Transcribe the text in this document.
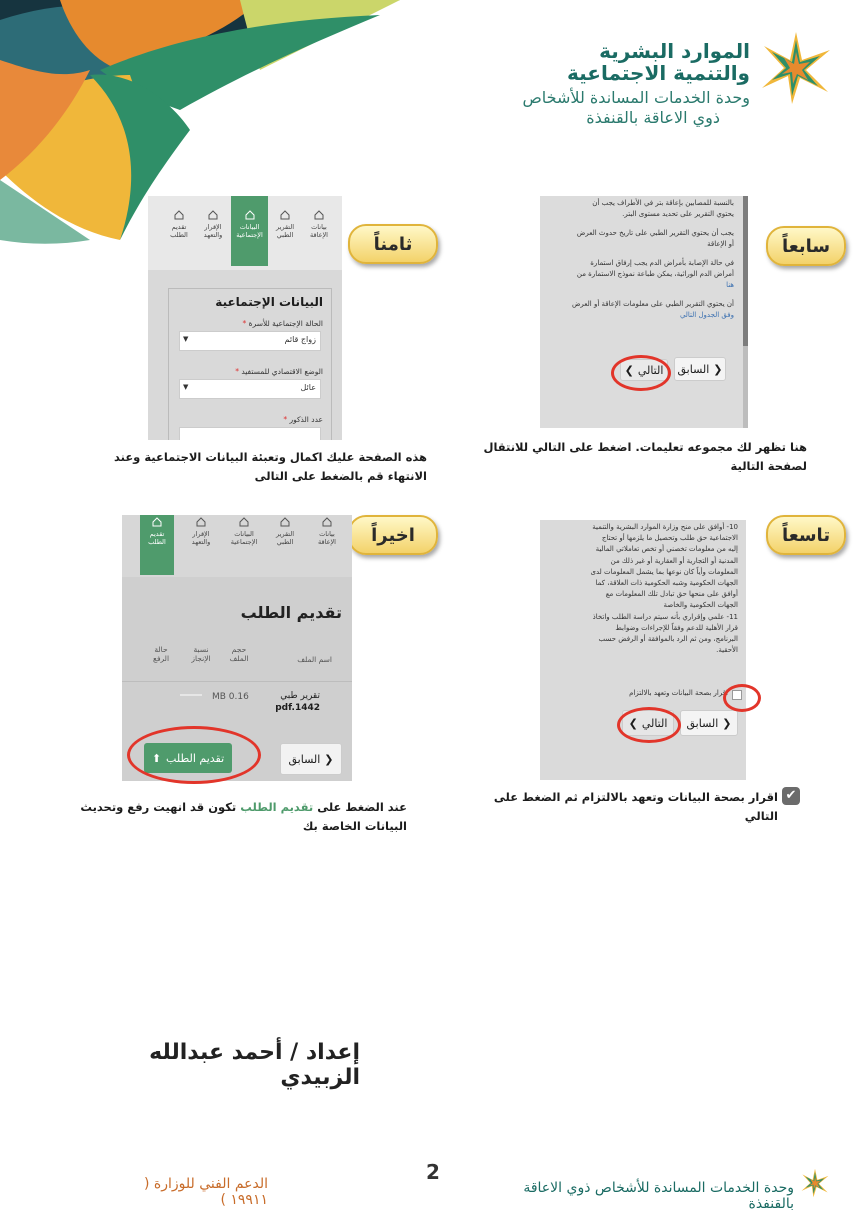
الموارد البشرية
والتنمية الاجتماعية
وحدة الخدمات المساندة للأشخاص
ذوي الاعاقة بالقنفذة
سابعاً
بالنسبة للمصابين بإعاقة بتر في الأطراف يجب أن
يحتوي التقرير على تحديد مستوى البتر.
يجب أن يحتوي التقرير الطبي على تاريخ حدوث العرض
أو الإعاقة
في حالة الإصابة بأمراض الدم يجب إرفاق استمارة
أمراض الدم الوراثية، يمكن طباعة نموذج الاستمارة من
هنا
أن يحتوي التقرير الطبي على معلومات الإعاقة أو العرض
وفق الجدول التالي
❮
السابق
التالي
❯
هنا تظهر لك مجموعه تعليمات. اضغط على التالي للانتقال لصفحة التالية
ثامناً
بيانات الإعاقة
التقرير الطبي
البيانات الإجتماعية
الإقرار والتعهد
تقديم الطلب
البيانات الإجتماعية
الحالة الإجتماعية للأسرة *
زواج قائم
▼
الوضع الاقتصادي للمستفيد *
عائل
▼
عدد الذكور *
هذه الصفحة عليك اكمال وتعبئة البيانات الاجتماعية وعند الانتهاء قم بالضغط على التالى
تاسعاً
10- أوافق على منح وزارة الموارد البشرية والتنمية
الاجتماعية حق طلب وتحصيل ما يلزمها أو تحتاج
إليه من معلومات تخصني أو تخص تعاملاتي المالية
المدنية أو التجارية أو العقارية أو غير ذلك من
المعلومات وأياً كان نوعها بما يشمل المعلومات لدى
الجهات الحكومية وشبه الحكومية ذات العلاقة، كما
أوافق على منحها حق تبادل تلك المعلومات مع
الجهات الحكومية والخاصة
11- علمي وإقراري بأنه سيتم دراسة الطلب واتخاذ
قرار الأهلية للدعم وفقاً للإجراءات وضوابط
البرنامج، ومن ثم الرد بالموافقة أو الرفض حسب
الأحقية.
اقرار بصحة البيانات وتعهد بالالتزام
❮
السابق
التالي
❯
✔
اقرار بصحة البيانات وتعهد بالالتزام ثم الضغط على التالي
اخيراً
بيانات الإعاقة
التقرير الطبي
البيانات الإجتماعية
الإقرار والتعهد
تقديم الطلب
تقديم الطلب
اسم الملف
حجم الملف
نسبة الإنجاز
حالة الرفع
تقرير طبي
pdf.1442
MB 0.16
❮
السابق
تقديم الطلب
⬆
عند الضغط على تقديم الطلب تكون قد انهيت رفع وتحديث البيانات الخاصة بك
إعداد / أحمد عبدالله الزبيدي
2
الدعم الفني للوزارة ( ١٩٩١١ )
وحدة الخدمات المساندة للأشخاص ذوي الاعاقة بالقنفذة
